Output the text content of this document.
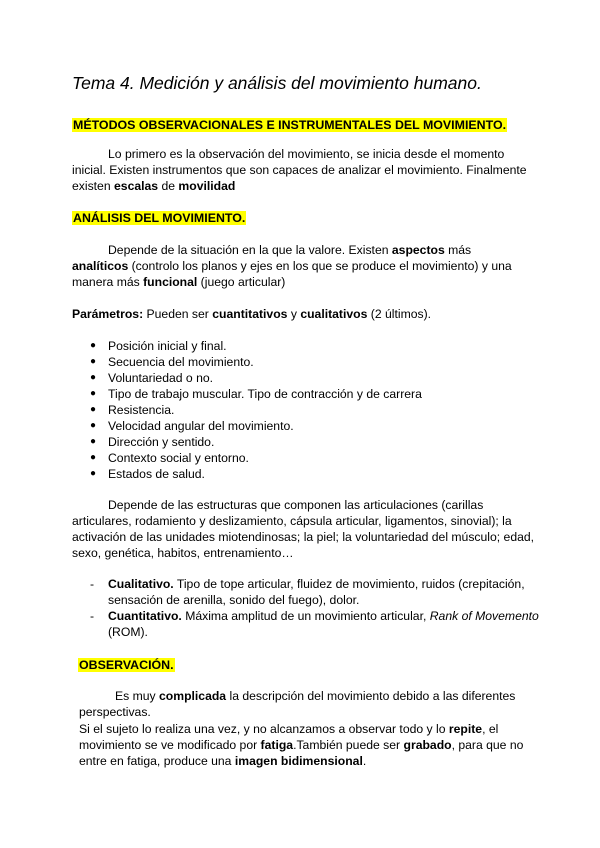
Tema 4. Medición y análisis del movimiento humano.
MÉTODOS OBSERVACIONALES E INSTRUMENTALES DEL MOVIMIENTO.

Lo primero es la observación del movimiento, se inicia desde el momento inicial. Existen instrumentos que son capaces de analizar el movimiento. Finalmente existen escalas de movilidad

ANÁLISIS DEL MOVIMIENTO.

Depende de la situación en la que la valore. Existen aspectos más analíticos (controlo los planos y ejes en los que se produce el movimiento) y una manera más funcional (juego articular)

Parámetros: Pueden ser cuantitativos y cualitativos (2 últimos).

● Posición inicial y final.
● Secuencia del movimiento.
● Voluntariedad o no.
● Tipo de trabajo muscular. Tipo de contracción y de carrera
● Resistencia.
● Velocidad angular del movimiento.
● Dirección y sentido.
● Contexto social y entorno.
● Estados de salud.

Depende de las estructuras que componen las articulaciones (carillas articulares, rodamiento y deslizamiento, cápsula articular, ligamentos, sinovial); la activación de las unidades miotendinosas; la piel; la voluntariedad del músculo; edad, sexo, genética, habitos, entrenamiento…

- Cualitativo. Tipo de tope articular, fluidez de movimiento, ruidos (crepitación, sensación de arenilla, sonido del fuego), dolor.
- Cuantitativo. Máxima amplitud de un movimiento articular, Rank of Movemento (ROM).
OBSERVACIÓN.

Es muy complicada la descripción del movimiento debido a las diferentes perspectivas.

Si el sujeto lo realiza una vez, y no alcanzamos a observar todo y lo repite, el movimiento se ve modificado por fatiga.También puede ser grabado, para que no entre en fatiga, produce una imagen bidimensional.
